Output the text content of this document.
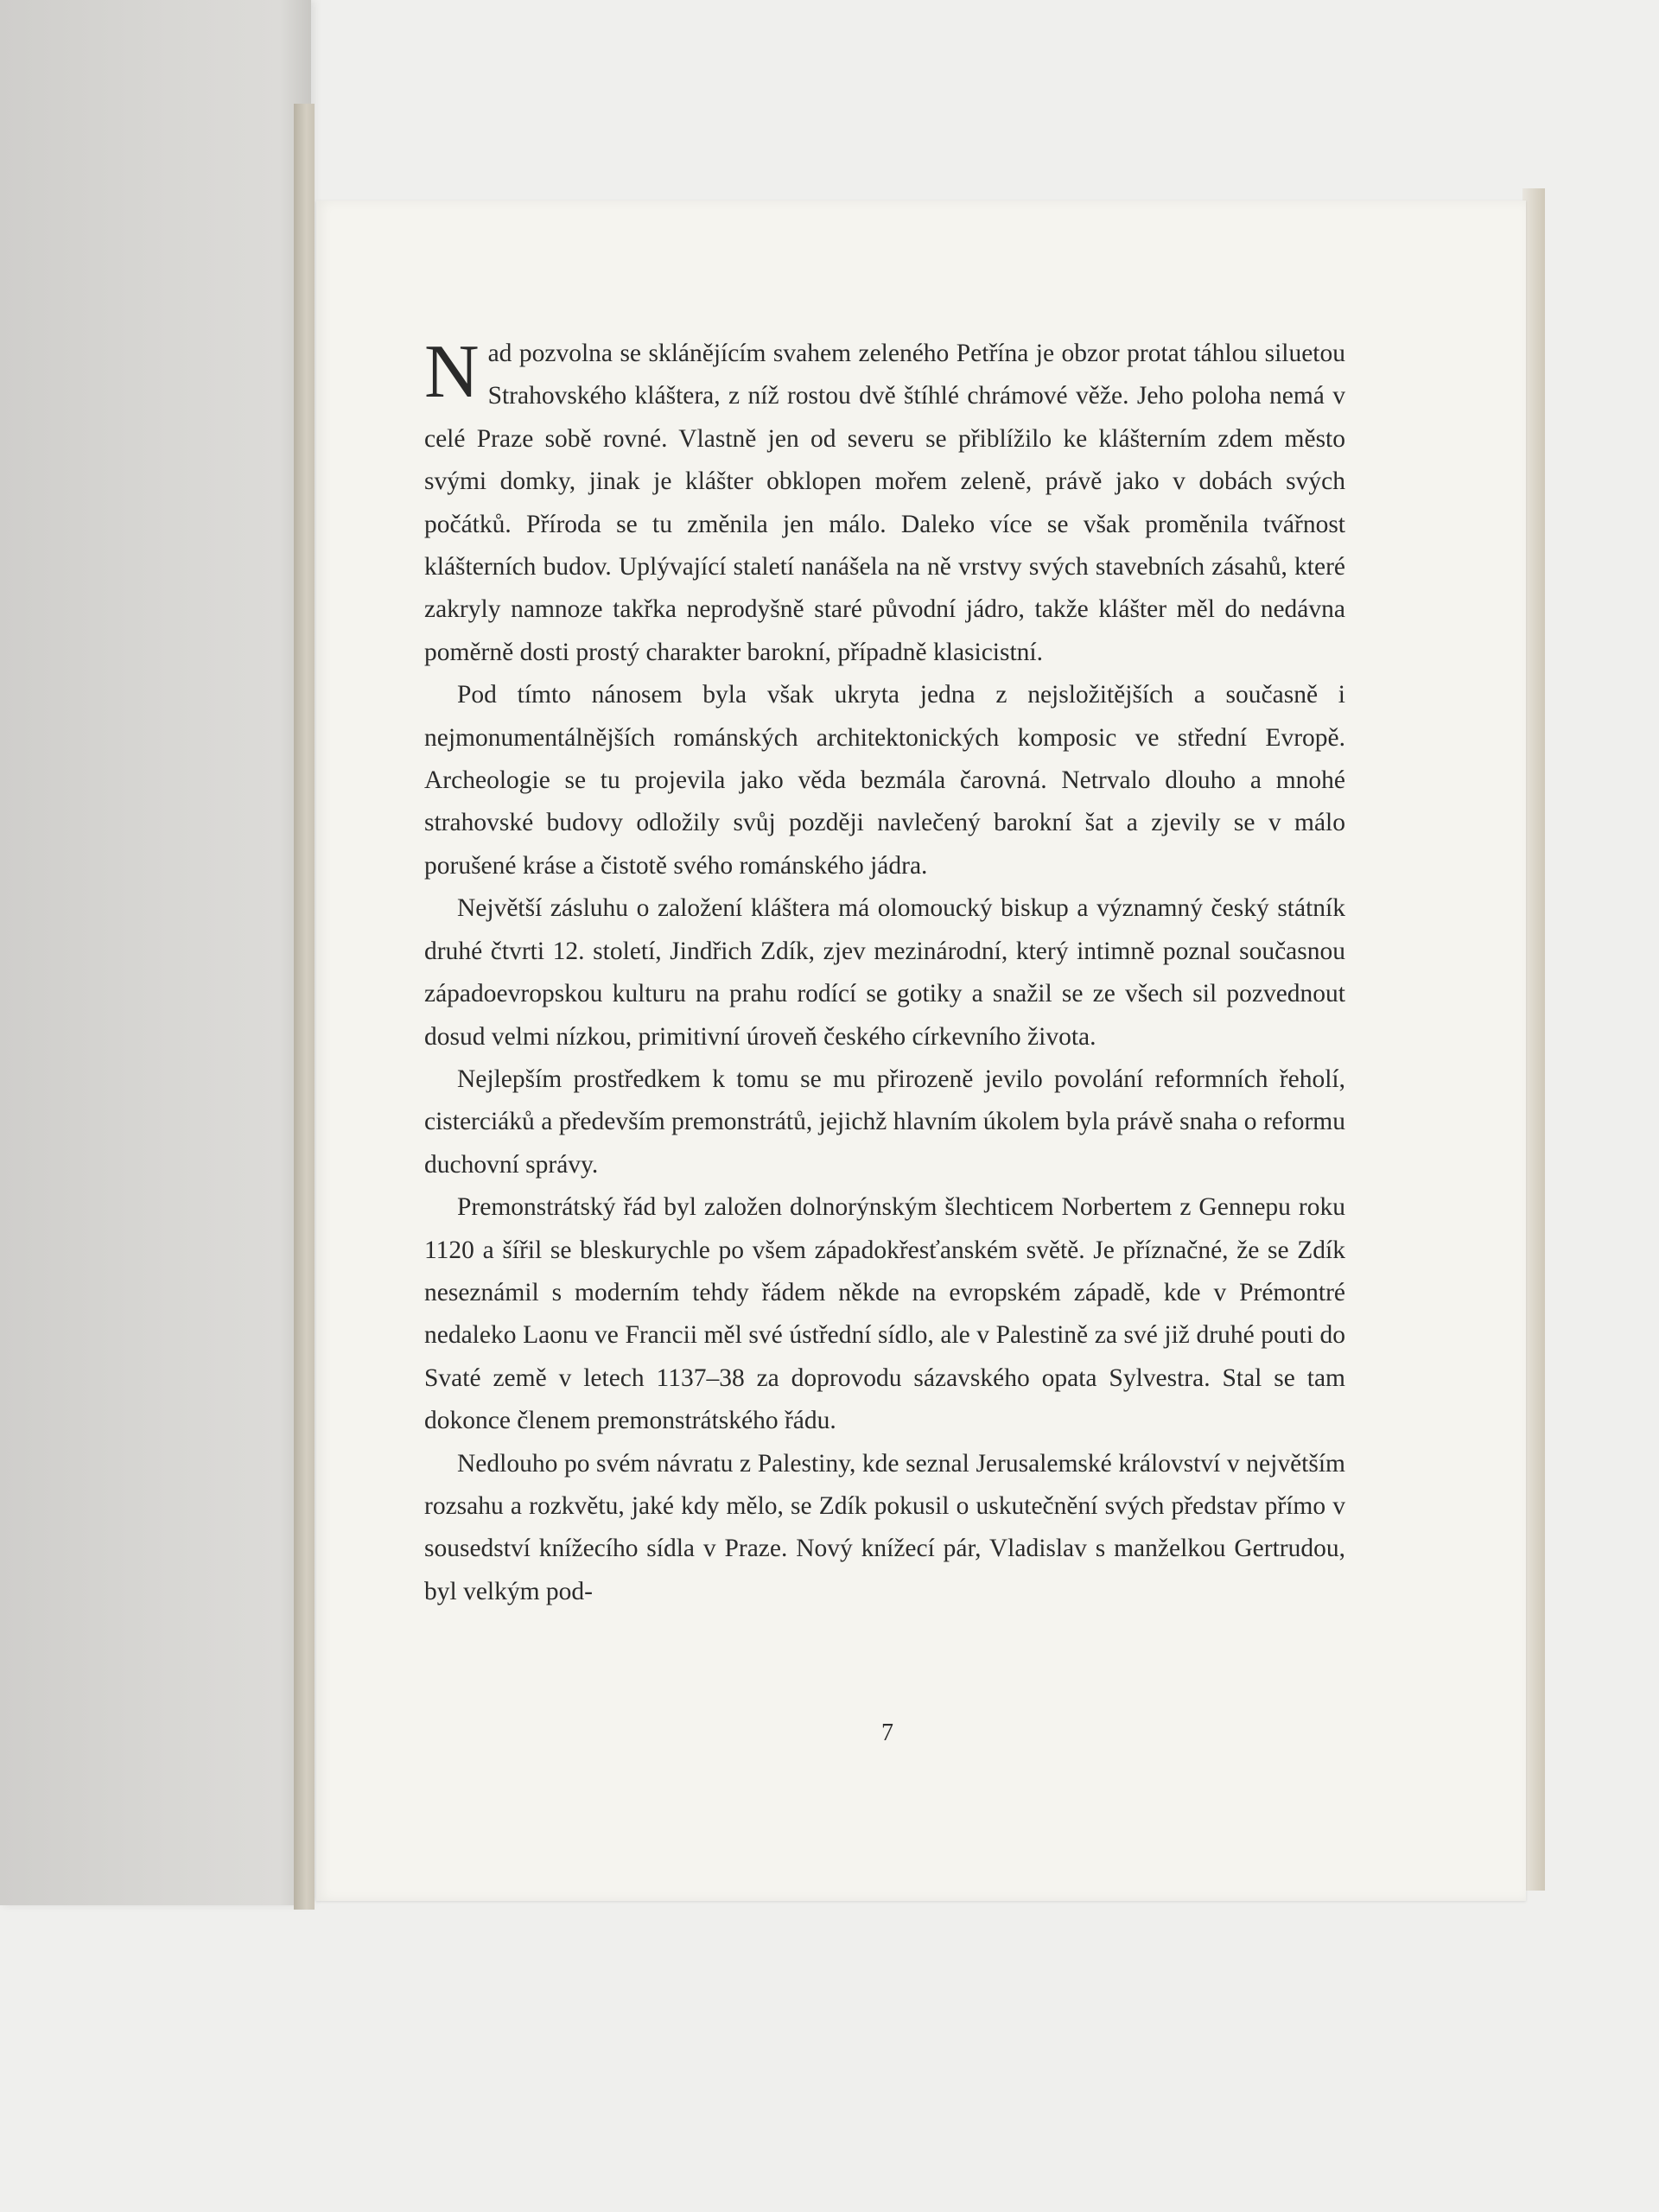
Nad pozvolna se sklánějícím svahem zeleného Petřína je obzor protat táhlou siluetou Strahovského kláštera, z níž rostou dvě štíhlé chrámové věže. Jeho poloha nemá v celé Praze sobě rovné. Vlastně jen od severu se přiblížilo ke klášterním zdem město svými domky, jinak je klášter obklopen mořem zeleně, právě jako v dobách svých počátků. Příroda se tu změnila jen málo. Daleko více se však proměnila tvářnost klášterních budov. Uplývající staletí nanášela na ně vrstvy svých stavebních zásahů, které zakryly namnoze takřka neprodyšně staré původní jádro, takže klášter měl do nedávna poměrně dosti prostý charakter barokní, případně klasicistní.

Pod tímto nánosem byla však ukryta jedna z nejsložitějších a současně i nejmonumentálnějších románských architektonických komposic ve střední Evropě. Archeologie se tu projevila jako věda bezmála čarovná. Netrvalo dlouho a mnohé strahovské budovy odložily svůj později navlečený barokní šat a zjevily se v málo porušené kráse a čistotě svého románského jádra.

Největší zásluhu o založení kláštera má olomoucký biskup a významný český státník druhé čtvrti 12. století, Jindřich Zdík, zjev mezinárodní, který intimně poznal současnou západoevropskou kulturu na prahu rodící se gotiky a snažil se ze všech sil pozvednout dosud velmi nízkou, primitivní úroveň českého církevního života.

Nejlepším prostředkem k tomu se mu přirozeně jevilo povolání reformních řeholí, cisterciáků a především premonstrátů, jejichž hlavním úkolem byla právě snaha o reformu duchovní správy.

Premonstrátský řád byl založen dolnorýnským šlechticem Norbertem z Gennepu roku 1120 a šířil se bleskurychle po všem západokřesťanském světě. Je příznačné, že se Zdík neseznámil s moderním tehdy řádem někde na evropském západě, kde v Prémontré nedaleko Laonu ve Francii měl své ústřední sídlo, ale v Palestině za své již druhé pouti do Svaté země v letech 1137–38 za doprovodu sázavského opata Sylvestra. Stal se tam dokonce členem premonstrátského řádu.

Nedlouho po svém návratu z Palestiny, kde seznal Jerusalemské království v největším rozsahu a rozkvětu, jaké kdy mělo, se Zdík pokusil o uskutečnění svých představ přímo v sousedství knížecího sídla v Praze. Nový knížecí pár, Vladislav s manželkou Gertrudou, byl velkým pod-

7
